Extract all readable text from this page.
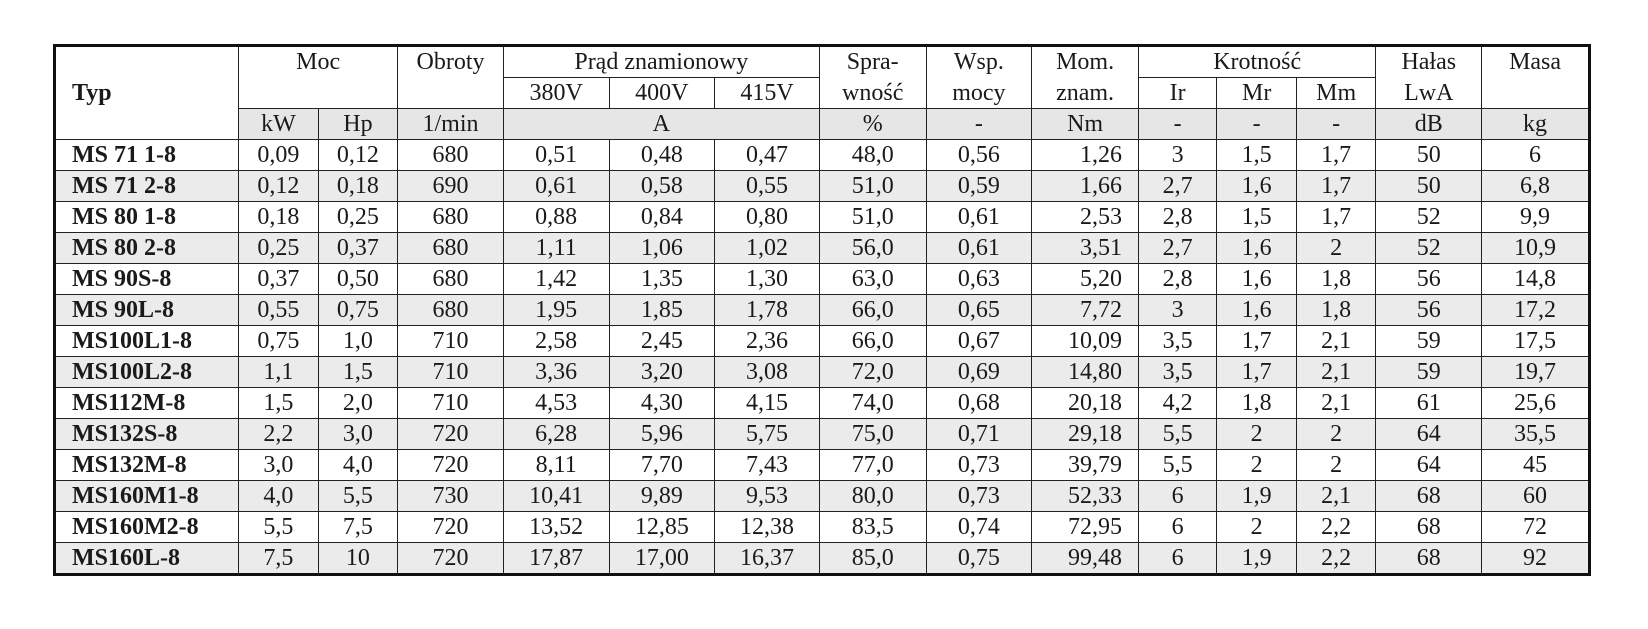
Typ	Moc		Obroty	Prąd znamionowy			Spra-	Wsp.	Mom.	Krotność			Hałas	Masa
				380V	400V	415V	wność	mocy	znam.	Ir	Mr	Mm	LwA	
	kW	Hp	1/min	A			%	-	Nm	-	-	-	dB	kg
MS 71 1-8	0,09	0,12	680	0,51	0,48	0,47	48,0	0,56	1,26	3	1,5	1,7	50	6
MS 71 2-8	0,12	0,18	690	0,61	0,58	0,55	51,0	0,59	1,66	2,7	1,6	1,7	50	6,8
MS 80 1-8	0,18	0,25	680	0,88	0,84	0,80	51,0	0,61	2,53	2,8	1,5	1,7	52	9,9
MS 80 2-8	0,25	0,37	680	1,11	1,06	1,02	56,0	0,61	3,51	2,7	1,6	2	52	10,9
MS 90S-8	0,37	0,50	680	1,42	1,35	1,30	63,0	0,63	5,20	2,8	1,6	1,8	56	14,8
MS 90L-8	0,55	0,75	680	1,95	1,85	1,78	66,0	0,65	7,72	3	1,6	1,8	56	17,2
MS100L1-8	0,75	1,0	710	2,58	2,45	2,36	66,0	0,67	10,09	3,5	1,7	2,1	59	17,5
MS100L2-8	1,1	1,5	710	3,36	3,20	3,08	72,0	0,69	14,80	3,5	1,7	2,1	59	19,7
MS112M-8	1,5	2,0	710	4,53	4,30	4,15	74,0	0,68	20,18	4,2	1,8	2,1	61	25,6
MS132S-8	2,2	3,0	720	6,28	5,96	5,75	75,0	0,71	29,18	5,5	2	2	64	35,5
MS132M-8	3,0	4,0	720	8,11	7,70	7,43	77,0	0,73	39,79	5,5	2	2	64	45
MS160M1-8	4,0	5,5	730	10,41	9,89	9,53	80,0	0,73	52,33	6	1,9	2,1	68	60
MS160M2-8	5,5	7,5	720	13,52	12,85	12,38	83,5	0,74	72,95	6	2	2,2	68	72
MS160L-8	7,5	10	720	17,87	17,00	16,37	85,0	0,75	99,48	6	1,9	2,2	68	92
